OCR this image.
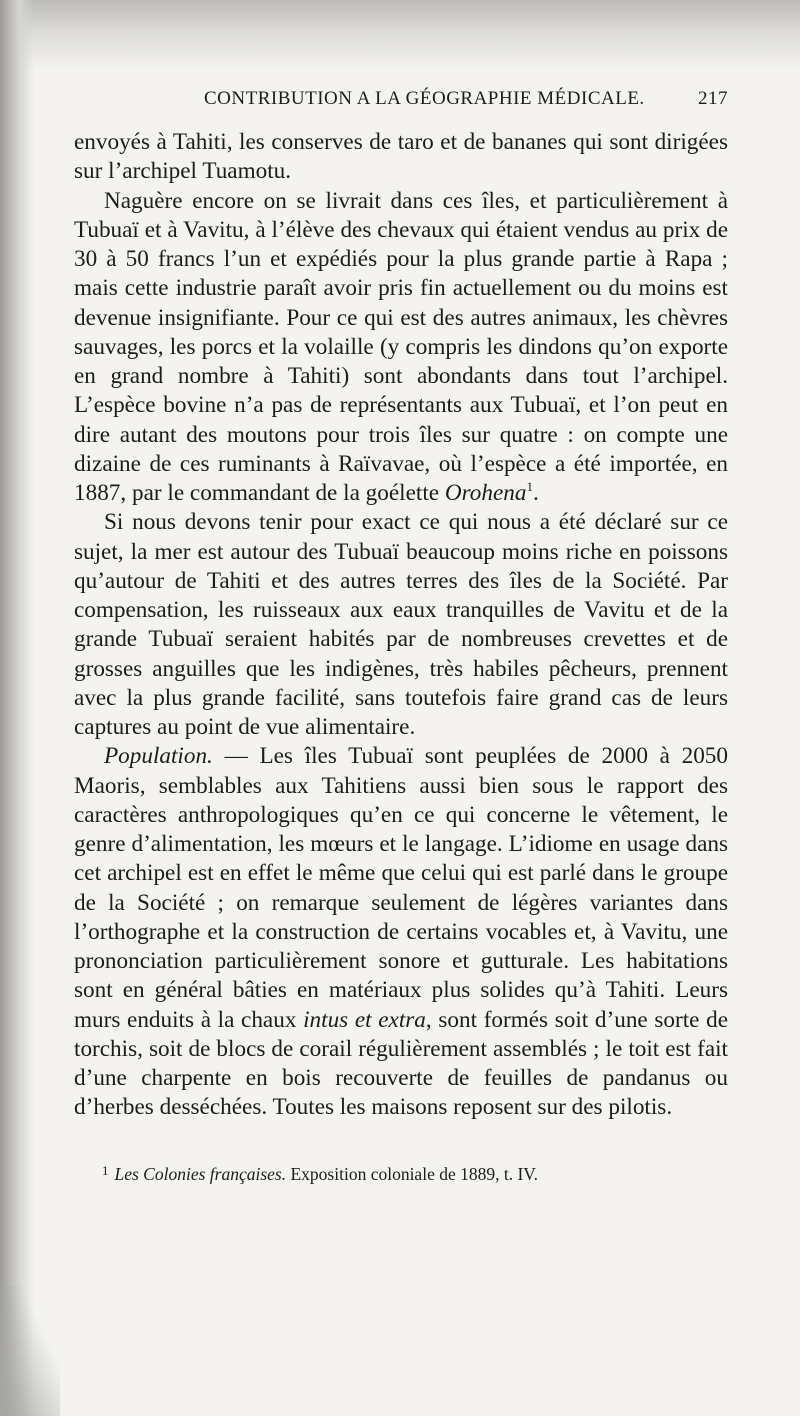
CONTRIBUTION A LA GÉOGRAPHIE MÉDICALE.	217

envoyés à Tahiti, les conserves de taro et de bananes qui sont dirigées sur l’archipel Tuamotu.

Naguère encore on se livrait dans ces îles, et particulièrement à Tubuaï et à Vavitu, à l’élève des chevaux qui étaient vendus au prix de 30 à 50 francs l’un et expédiés pour la plus grande partie à Rapa ; mais cette industrie paraît avoir pris fin actuellement ou du moins est devenue insignifiante. Pour ce qui est des autres animaux, les chèvres sauvages, les porcs et la volaille (y compris les dindons qu’on exporte en grand nombre à Tahiti) sont abondants dans tout l’archipel. L’espèce bovine n’a pas de représentants aux Tubuaï, et l’on peut en dire autant des moutons pour trois îles sur quatre : on compte une dizaine de ces ruminants à Raïvavae, où l’espèce a été importée, en 1887, par le commandant de la goélette Orohena$^1$.

Si nous devons tenir pour exact ce qui nous a été déclaré sur ce sujet, la mer est autour des Tubuaï beaucoup moins riche en poissons qu’autour de Tahiti et des autres terres des îles de la Société. Par compensation, les ruisseaux aux eaux tranquilles de Vavitu et de la grande Tubuaï seraient habités par de nombreuses crevettes et de grosses anguilles que les indigènes, très habiles pêcheurs, prennent avec la plus grande facilité, sans toutefois faire grand cas de leurs captures au point de vue alimentaire.

Population. — Les îles Tubuaï sont peuplées de 2000 à 2050 Maoris, semblables aux Tahitiens aussi bien sous le rapport des caractères anthropologiques qu’en ce qui concerne le vêtement, le genre d’alimentation, les mœurs et le langage. L’idiome en usage dans cet archipel est en effet le même que celui qui est parlé dans le groupe de la Société ; on remarque seulement de légères variantes dans l’orthographe et la construction de certains vocables et, à Vavitu, une prononciation particulièrement sonore et gutturale. Les habitations sont en général bâties en matériaux plus solides qu’à Tahiti. Leurs murs enduits à la chaux intus et extra, sont formés soit d’une sorte de torchis, soit de blocs de corail régulièrement assemblés ; le toit est fait d’une charpente en bois recouverte de feuilles de pandanus ou d’herbes desséchées. Toutes les maisons reposent sur des pilotis.

$^1$ Les Colonies françaises. Exposition coloniale de 1889, t. IV.
